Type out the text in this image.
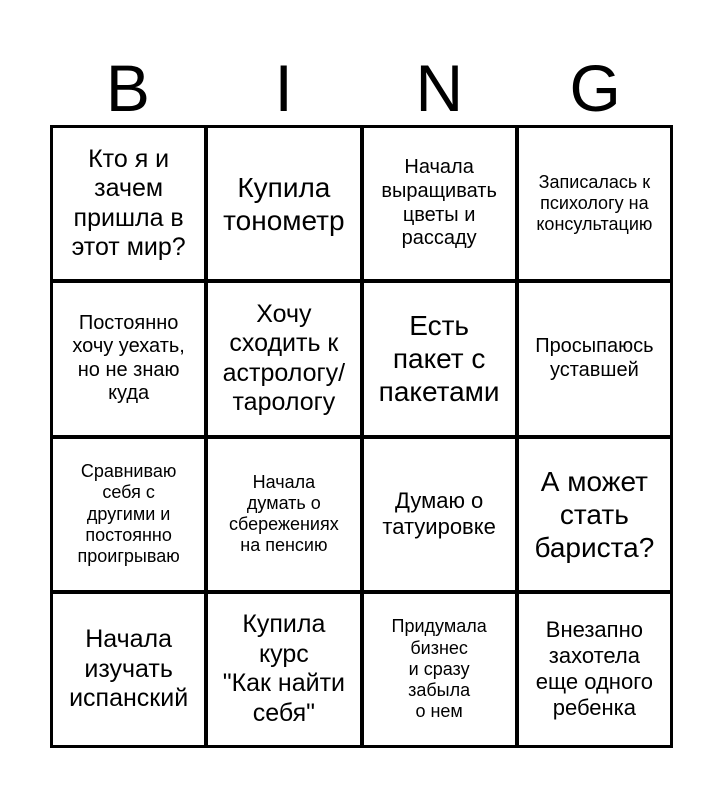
B	I	N	G
Кто я и
зачем
пришла в
этот мир?
Купила
тонометр
Начала
выращивать
цветы и
рассаду
Записалась к
психологу на
консультацию
Постоянно
хочу уехать,
но не знаю
куда
Хочу
сходить к
астрологу/
тарологу
Есть
пакет с
пакетами
Просыпаюсь
уставшей
Сравниваю
себя с
другими и
постоянно
проигрываю
Начала
думать о
сбережениях
на пенсию
Думаю о
татуировке
А может
стать
бариста?
Начала
изучать
испанский
Купила
курс
"Как найти
себя"
Придумала
бизнес
и сразу
забыла
о нем
Внезапно
захотела
еще одного
ребенка
